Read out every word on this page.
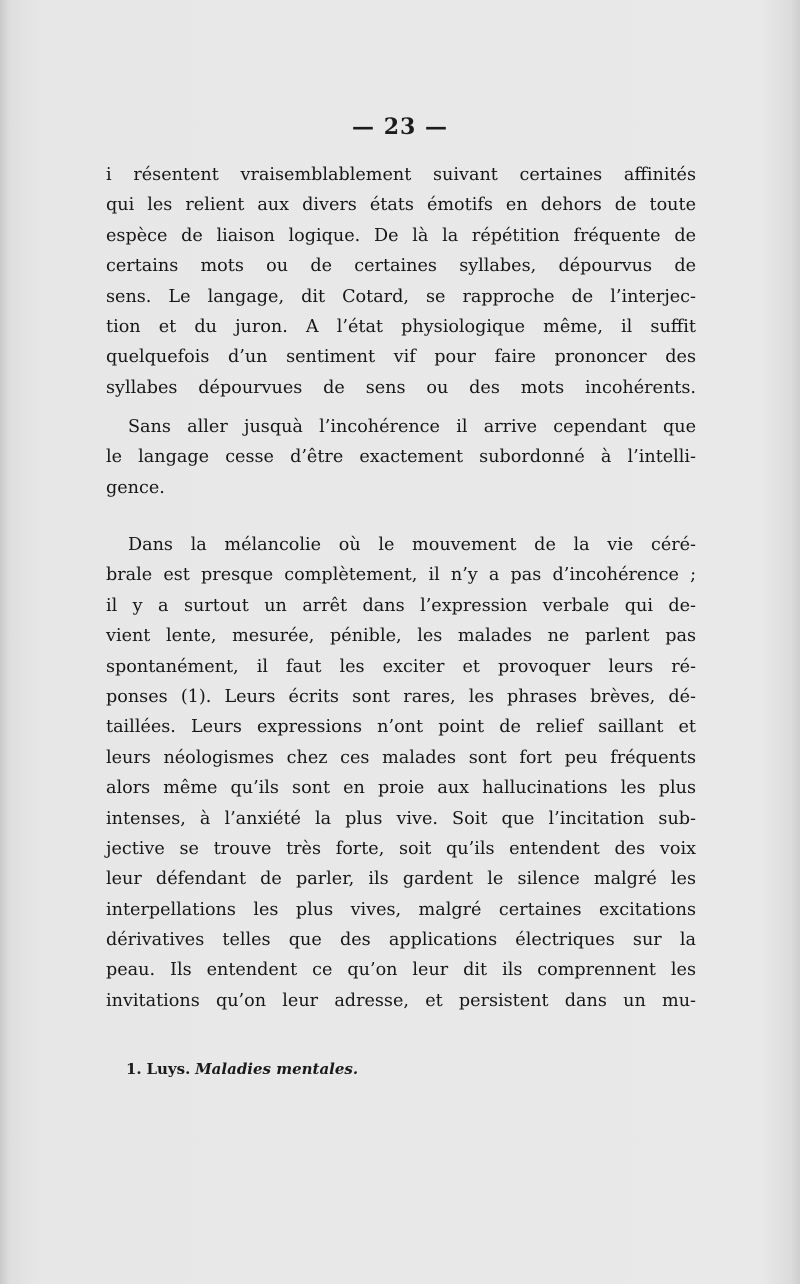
— 23 —
i résentent vraisemblablement suivant certaines affinités
qui les relient aux divers états émotifs en dehors de toute
espèce de liaison logique. De là la répétition fréquente de
certains mots ou de certaines syllabes, dépourvus de
sens. Le langage, dit Cotard, se rapproche de l’interjec-
tion et du juron. A l’état physiologique même, il suffit
quelquefois d’un sentiment vif pour faire prononcer des
syllabes dépourvues de sens ou des mots incohérents.
Sans aller jusquà l’incohérence il arrive cependant que
le langage cesse d’être exactement subordonné à l’intelli-
gence.
Dans la mélancolie où le mouvement de la vie céré-
brale est presque complètement, il n’y a pas d’incohérence ;
il y a surtout un arrêt dans l’expression verbale qui de-
vient lente, mesurée, pénible, les malades ne parlent pas
spontanément, il faut les exciter et provoquer leurs ré-
ponses (1). Leurs écrits sont rares, les phrases brèves, dé-
taillées. Leurs expressions n’ont point de relief saillant et
leurs néologismes chez ces malades sont fort peu fréquents
alors même qu’ils sont en proie aux hallucinations les plus
intenses, à l’anxiété la plus vive. Soit que l’incitation sub-
jective se trouve très forte, soit qu’ils entendent des voix
leur défendant de parler, ils gardent le silence malgré les
interpellations les plus vives, malgré certaines excitations
dérivatives telles que des applications électriques sur la
peau. Ils entendent ce qu’on leur dit ils comprennent les
invitations qu’on leur adresse, et persistent dans un mu-
1. Luys. Maladies mentales.
